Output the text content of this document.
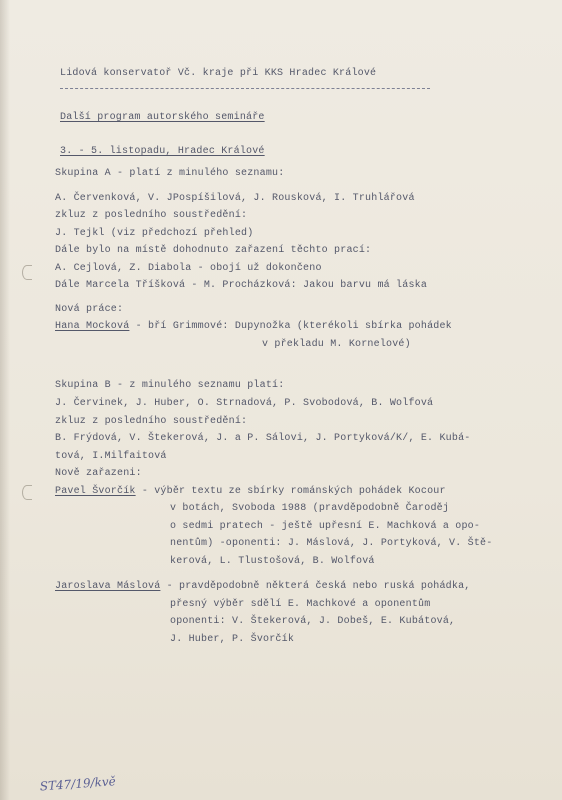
Lidová konservatoř Vč. kraje při KKS Hradec Králové
Další program autorského semináře
3. - 5. listopadu, Hradec Králové
Skupina A - platí z minulého seznamu:
A. Červenková, V. JPospíšilová, J. Rousková, I. Truhlářová
zkluz z posledního soustředění:
J. Tejkl (viz předchozí přehled)
Dále bylo na místě dohodnuto zařazení těchto prací:
A. Cejlová, Z. Diabola - obojí už dokončeno
Dále Marcela Tříšková - M. Procházková: Jakou barvu má láska
Nová práce:
Hana Mocková - bří Grimmové: Dupynožka (kterékoli sbírka pohádek
v překladu M. Kornelové)
Skupina B - z minulého seznamu platí:
J. Červinek, J. Huber, O. Strnadová, P. Svobodová, B. Wolfová
zkluz z posledního soustředění:
B. Frýdová, V. Štekerová, J. a P. Sálovi, J. Portyková/K/, E. Kubá-
tová, I.Milfaitová
Nově zařazeni:
Pavel Švorčík - výběr textu ze sbírky románských pohádek Kocour
v botách, Svoboda 1988 (pravděpodobně Čaroděj
o sedmi pratech - ještě upřesní E. Machková a opo-
nentům) -oponenti: J. Máslová, J. Portyková, V. Ště-
kerová, L. Tlustošová, B. Wolfová
Jaroslava Máslová - pravděpodobně některá česká nebo ruská pohádka,
přesný výběr sdělí E. Machkové a oponentům
oponenti: V. Štekerová, J. Dobeš, E. Kubátová,
J. Huber, P. Švorčík
ST47/19/kvě
